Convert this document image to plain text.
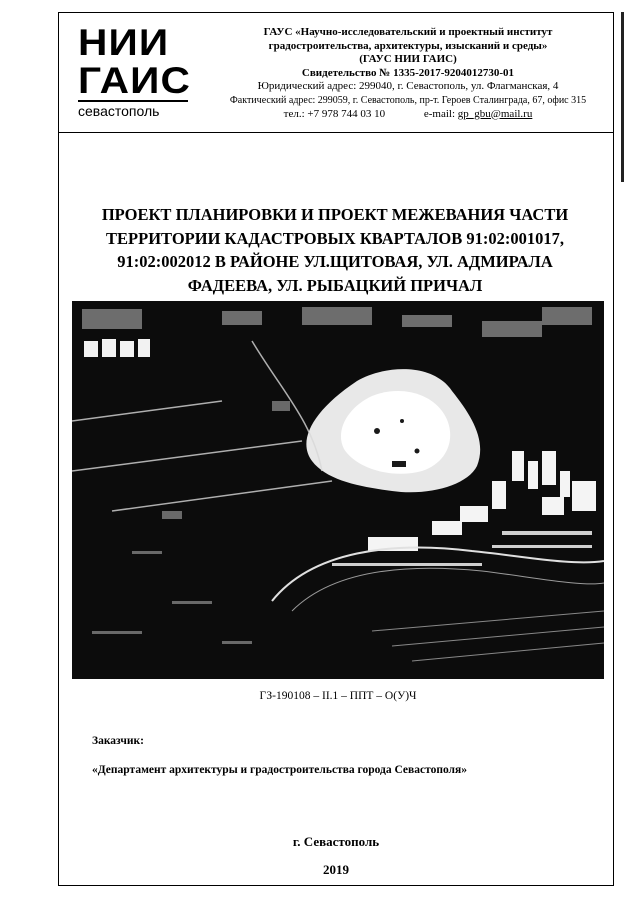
НИИ
ГАИС
севастополь
ГАУС «Научно-исследовательский и проектный институт
градостроительства, архитектуры, изысканий и среды»
(ГАУС НИИ ГАИС)
Свидетельство № 1335-2017-9204012730-01
Юридический адрес: 299040, г. Севастополь, ул. Флагманская, 4
Фактический адрес: 299059, г. Севастополь, пр-т. Героев Сталинграда, 67, офис 315
тел.: +7 978 744 03 10	e-mail: gp_gbu@mail.ru
ПРОЕКТ ПЛАНИРОВКИ И ПРОЕКТ МЕЖЕВАНИЯ ЧАСТИ
ТЕРРИТОРИИ КАДАСТРОВЫХ КВАРТАЛОВ 91:02:001017,
91:02:002012 В РАЙОНЕ УЛ.ЩИТОВАЯ, УЛ. АДМИРАЛА
ФАДЕЕВА, УЛ. РЫБАЦКИЙ ПРИЧАЛ
ГЗ-190108 – II.1 – ППТ – О(У)Ч
Заказчик:
«Департамент архитектуры и градостроительства города Севастополя»
г. Севастополь
2019
